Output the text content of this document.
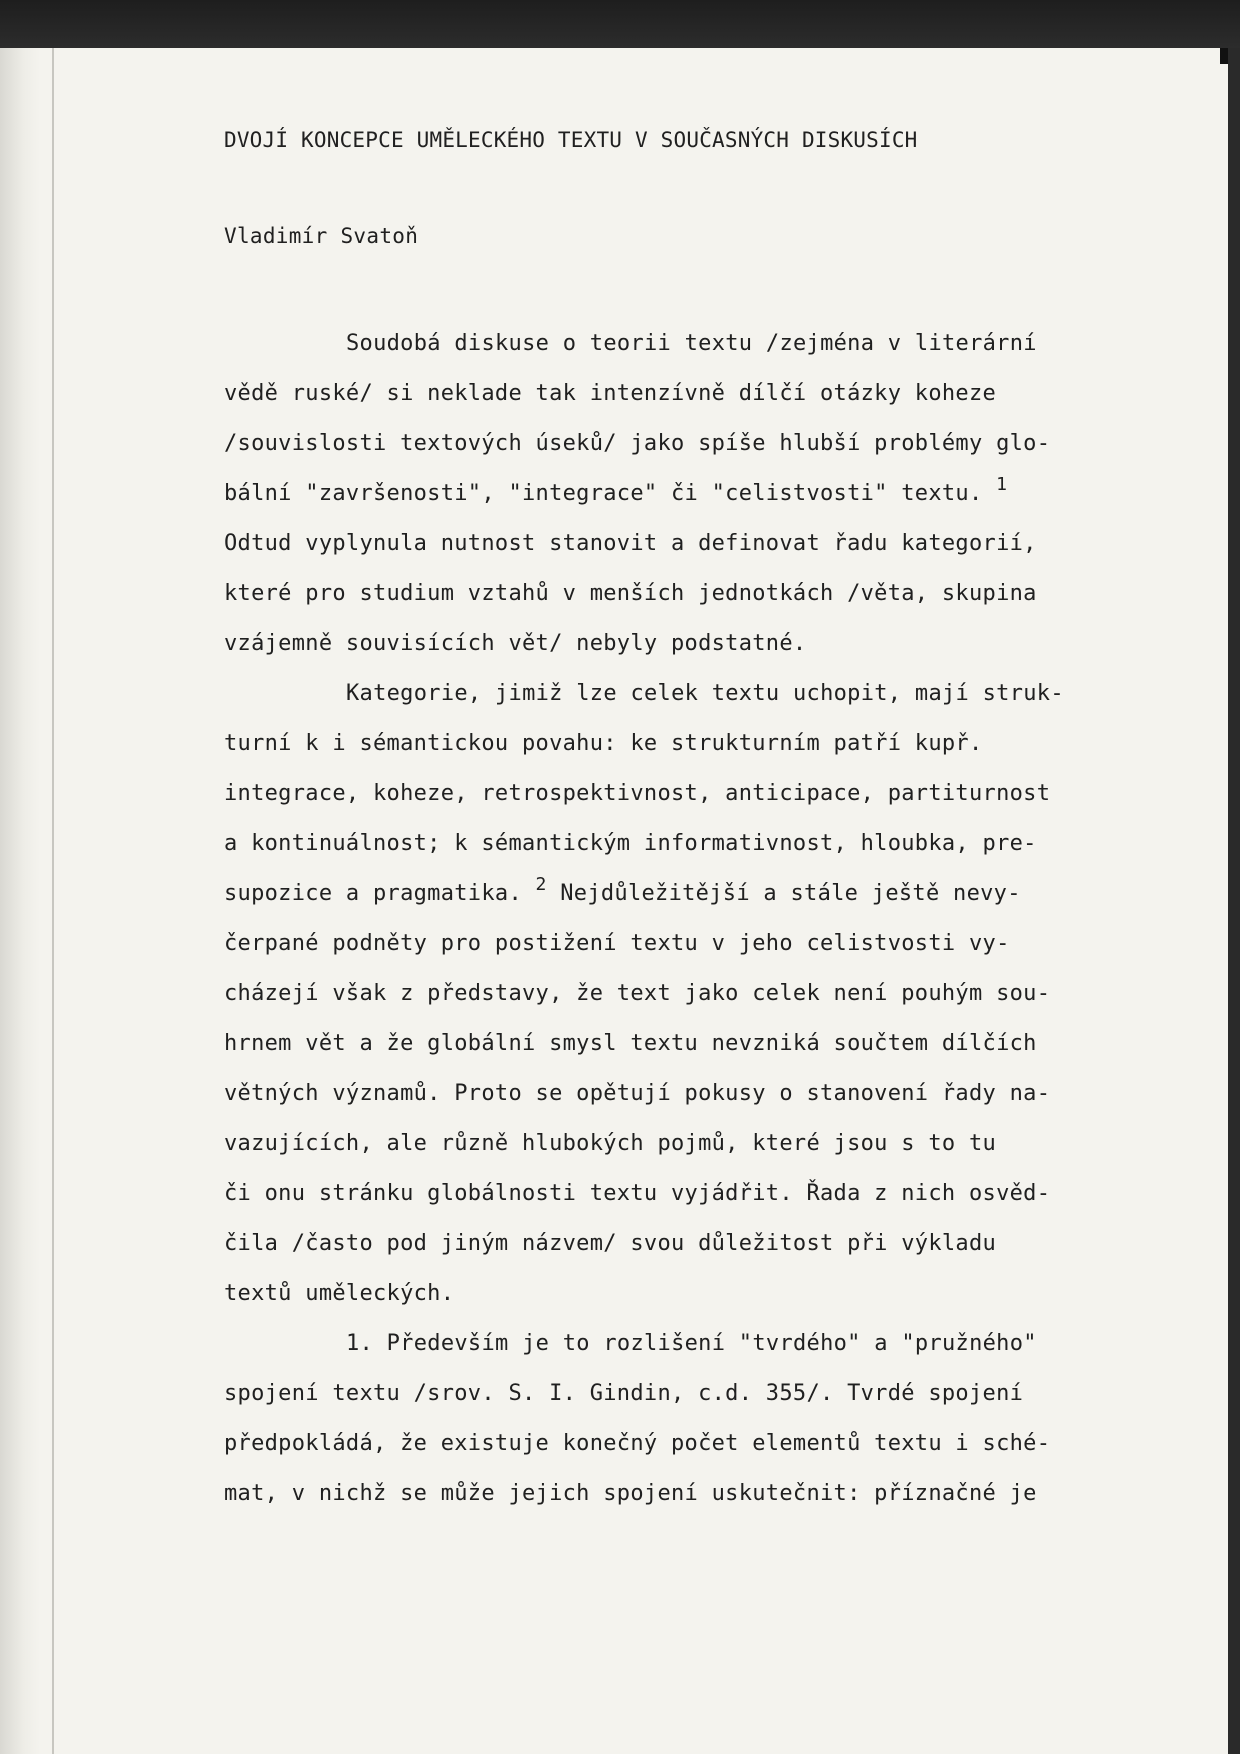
DVOJÍ KONCEPCE UMĚLECKÉHO TEXTU V SOUČASNÝCH DISKUSÍCH
Vladimír Svatoň
Soudobá diskuse o teorii textu /zejména v literární
vědě ruské/ si neklade tak intenzívně dílčí otázky koheze
/souvislosti textových úseků/ jako spíše hlubší problémy glo-
bální "završenosti", "integrace" či "celistvosti" textu. $^1$
Odtud vyplynula nutnost stanovit a definovat řadu kategorií,
které pro studium vztahů v menších jednotkách /věta, skupina
vzájemně souvisících vět/ nebyly podstatné.
Kategorie, jimiž lze celek textu uchopit, mají struk-
turní k i sémantickou povahu: ke strukturním patří kupř.
integrace, koheze, retrospektivnost, anticipace, partiturnost
a kontinuálnost; k sémantickým informativnost, hloubka, pre-
supozice a pragmatika. $^2$ Nejdůležitější a stále ještě nevy-
čerpané podněty pro postižení textu v jeho celistvosti vy-
cházejí však z představy, že text jako celek není pouhým sou-
hrnem vět a že globální smysl textu nevzniká součtem dílčích
větných významů. Proto se opětují pokusy o stanovení řady na-
vazujících, ale různě hlubokých pojmů, které jsou s to tu
či onu stránku globálnosti textu vyjádřit. Řada z nich osvěd-
čila /často pod jiným názvem/ svou důležitost při výkladu
textů uměleckých.
1. Především je to rozlišení "tvrdého" a "pružného"
spojení textu /srov. S. I. Gindin, c.d. 355/. Tvrdé spojení
předpokládá, že existuje konečný počet elementů textu i sché-
mat, v nichž se může jejich spojení uskutečnit: příznačné je
